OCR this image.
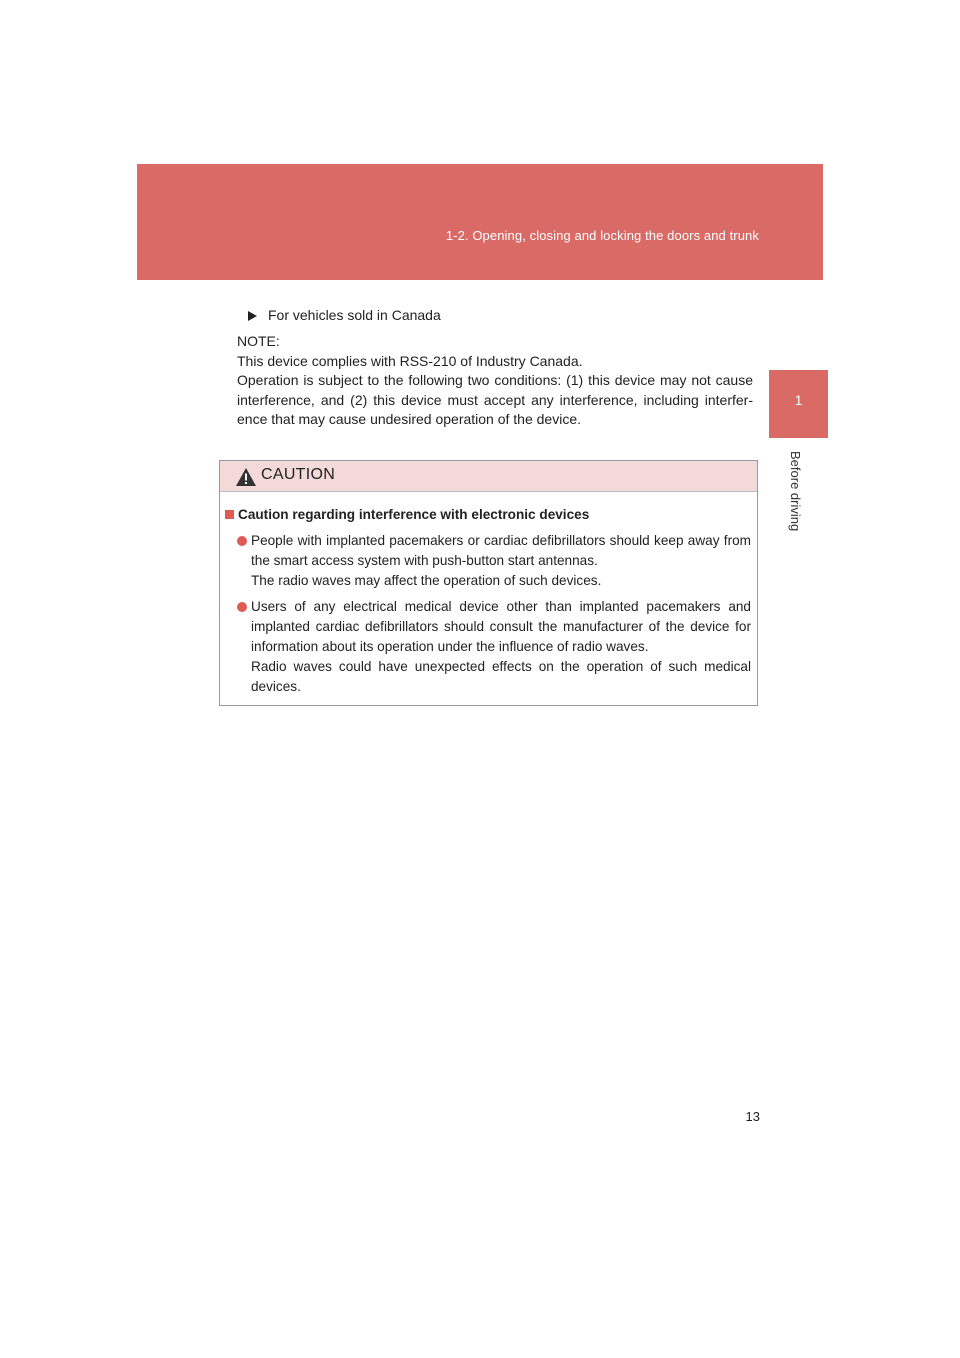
1-2. Opening, closing and locking the doors and trunk
1
Before driving
For vehicles sold in Canada

NOTE:

This device complies with RSS-210 of Industry Canada.

Operation is subject to the following two conditions: (1) this device may not cause interference, and (2) this device must accept any interference, including interfer-ence that may cause undesired operation of the device.

CAUTION
Caution regarding interference with electronic devices

People with implanted pacemakers or cardiac defibrillators should keep away from the smart access system with push-button start antennas.

The radio waves may affect the operation of such devices.

Users of any electrical medical device other than implanted pacemakers and implanted cardiac defibrillators should consult the manufacturer of the device for information about its operation under the influence of radio waves.

Radio waves could have unexpected effects on the operation of such medical devices.

13
